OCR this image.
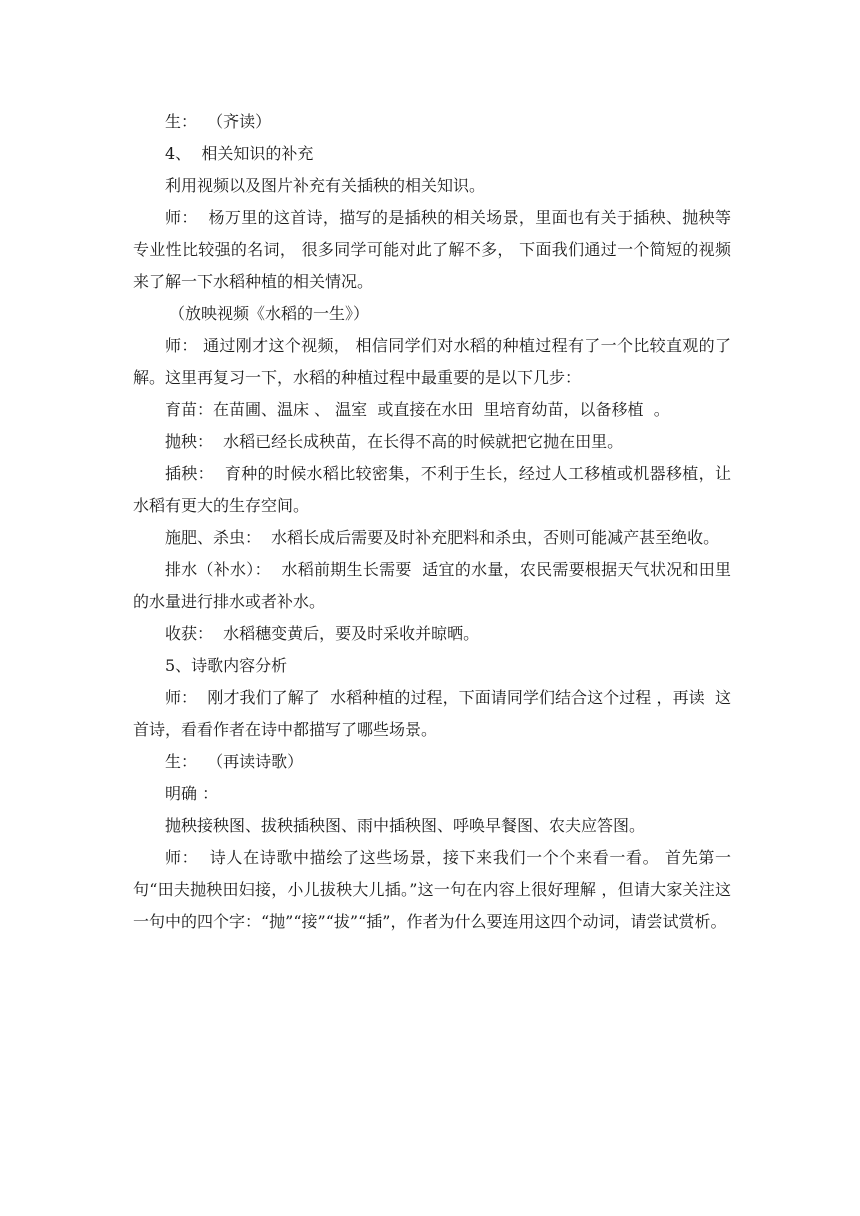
生：  （齐读）

4、  相关知识的补充

利用视频以及图片补充有关插秧的相关知识。

师：  杨万里的这首诗，描写的是插秧的相关场景，里面也有关于插秧、抛秧等专业性比较强的名词， 很多同学可能对此了解不多， 下面我们通过一个简短的视频来了解一下水稻种植的相关情况。

（放映视频《水稻的一生》）

师： 通过刚才这个视频， 相信同学们对水稻的种植过程有了一个比较直观的了解。这里再复习一下，水稻的种植过程中最重要的是以下几步：

育苗：在苗圃、温床 、 温室  或直接在水田  里培育幼苗，以备移植  。

抛秧：  水稻已经长成秧苗，在长得不高的时候就把它抛在田里。

插秧：  育种的时候水稻比较密集，不利于生长，经过人工移植或机器移植，让水稻有更大的生存空间。

施肥、杀虫：  水稻长成后需要及时补充肥料和杀虫，否则可能减产甚至绝收。

排水（补水）：  水稻前期生长需要  适宜的水量，农民需要根据天气状况和田里的水量进行排水或者补水。

收获：  水稻穗变黄后，要及时采收并晾晒。

5、诗歌内容分析

师：  刚才我们了解了  水稻种植的过程，下面请同学们结合这个过程 ，再读  这首诗，看看作者在诗中都描写了哪些场景。

生：  （再读诗歌）

明确 ：

抛秧接秧图、拔秧插秧图、雨中插秧图、呼唤早餐图、农夫应答图。

师：  诗人在诗歌中描绘了这些场景，接下来我们一个个来看一看。 首先第一句“田夫抛秧田妇接，小儿拔秧大儿插。”这一句在内容上很好理解 ，但请大家关注这一句中的四个字：“抛”“接”“拔”“插”，作者为什么要连用这四个动词，请尝试赏析。
